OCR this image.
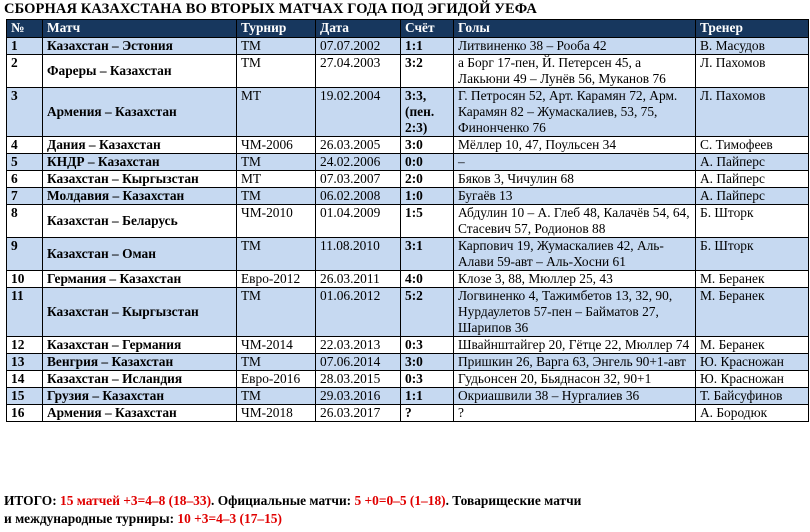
СБОРНАЯ КАЗАХСТАНА ВО ВТОРЫХ МАТЧАХ ГОДА ПОД ЭГИДОЙ УЕФА
№	Матч	Турнир	Дата	Счёт	Голы	Тренер
1	Казахстан – Эстония	ТМ	07.07.2002	1:1	Литвиненко 38 – Рооба 42	В. Масудов
2	Фареры – Казахстан	ТМ	27.04.2003	3:2	а Борг 17-пен, Й. Петерсен 45, а Лакьюни 49 – Лунёв 56, Муканов 76	Л. Пахомов
3	Армения – Казахстан	МТ	19.02.2004	3:3, (пен. 2:3)	Г. Петросян 52, Арт. Карамян 72, Арм. Карамян 82 – Жумаскалиев, 53, 75, Финонченко 76	Л. Пахомов
4	Дания – Казахстан	ЧМ-2006	26.03.2005	3:0	Мёллер 10, 47, Поульсен 34	С. Тимофеев
5	КНДР – Казахстан	ТМ	24.02.2006	0:0	–	А. Пайперс
6	Казахстан – Кыргызстан	МТ	07.03.2007	2:0	Бяков 3, Чичулин 68	А. Пайперс
7	Молдавия – Казахстан	ТМ	06.02.2008	1:0	Бугаёв 13	А. Пайперс
8	Казахстан – Беларусь	ЧМ-2010	01.04.2009	1:5	Абдулин 10 – А. Глеб 48, Калачёв 54, 64, Стасевич 57, Родионов 88	Б. Шторк
9	Казахстан – Оман	ТМ	11.08.2010	3:1	Карпович 19, Жумаскалиев 42, Аль-Алави 59-авт – Аль-Хосни 61	Б. Шторк
10	Германия – Казахстан	Евро-2012	26.03.2011	4:0	Клозе 3, 88, Мюллер 25, 43	М. Беранек
11	Казахстан – Кыргызстан	ТМ	01.06.2012	5:2	Логвиненко 4, Тажимбетов 13, 32, 90, Нурдаулетов 57-пен – Байматов 27, Шарипов 36	М. Беранек
12	Казахстан – Германия	ЧМ-2014	22.03.2013	0:3	Швайнштайгер 20, Гётце 22, Мюллер 74	М. Беранек
13	Венгрия – Казахстан	ТМ	07.06.2014	3:0	Пришкин 26, Варга 63, Энгель 90+1-авт	Ю. Красножан
14	Казахстан – Исландия	Евро-2016	28.03.2015	0:3	Гудьонсен 20, Бьяднасон 32, 90+1	Ю. Красножан
15	Грузия – Казахстан	ТМ	29.03.2016	1:1	Окриашвили 38 – Нургалиев 36	Т. Байсуфинов
16	Армения – Казахстан	ЧМ-2018	26.03.2017	?	?	А. Бородюк
ИТОГО: 15 матчей +3=4–8 (18–33). Официальные матчи: 5 +0=0–5 (1–18). Товарищеские матчи
и международные турниры: 10 +3=4–3 (17–15)
